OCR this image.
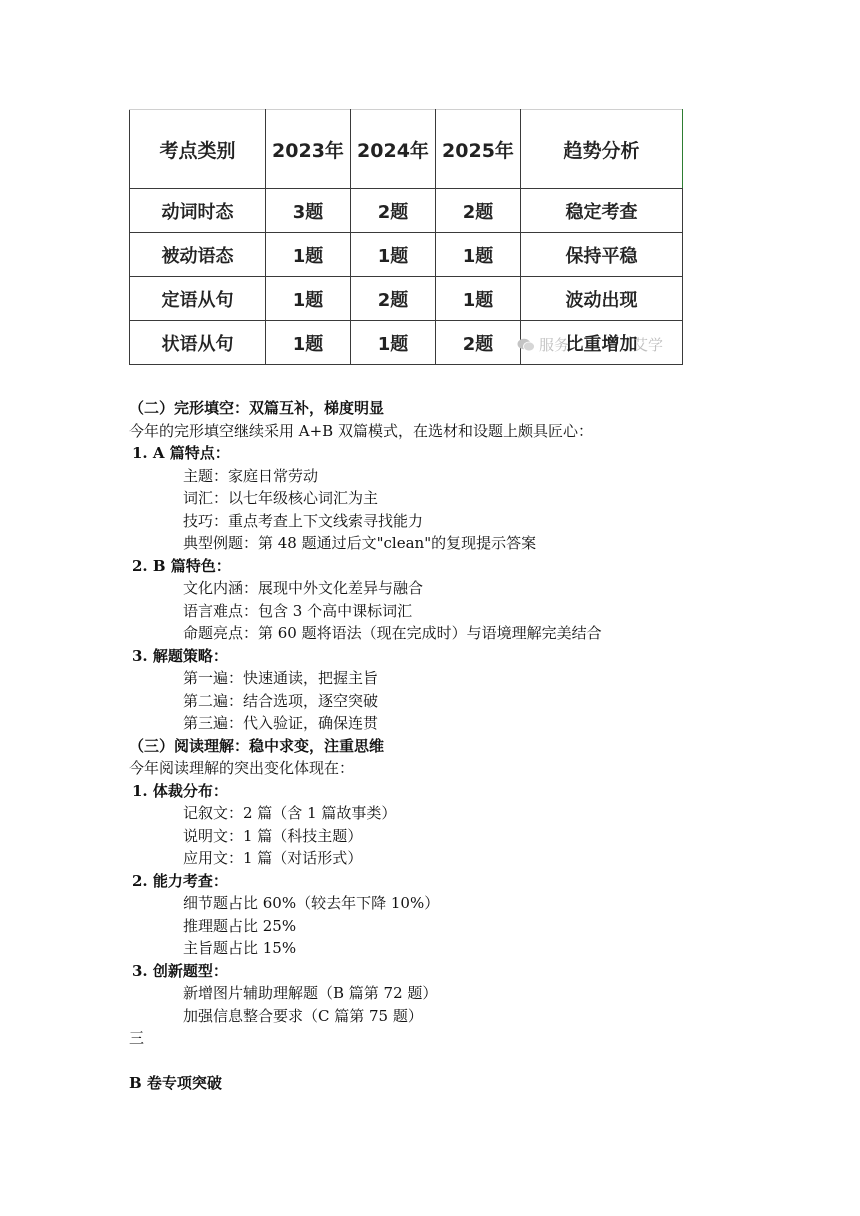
考点类别	2023年	2024年	2025年	趋势分析
动词时态	3题	2题	2题	稳定考查
被动语态	1题	1题	1题	保持平稳
定语从句	1题	2题	1题	波动出现
状语从句	1题	1题	2题	比重增加
服务	艾学
（二）完形填空：双篇互补，梯度明显
今年的完形填空继续采用 A+B 双篇模式，在选材和设题上颇具匠心：
1. A 篇特点：
主题：家庭日常劳动
词汇：以七年级核心词汇为主
技巧：重点考查上下文线索寻找能力
典型例题：第 48 题通过后文"clean"的复现提示答案
2. B 篇特色：
文化内涵：展现中外文化差异与融合
语言难点：包含 3 个高中课标词汇
命题亮点：第 60 题将语法（现在完成时）与语境理解完美结合
3. 解题策略：
第一遍：快速通读，把握主旨
第二遍：结合选项，逐空突破
第三遍：代入验证，确保连贯
（三）阅读理解：稳中求变，注重思维
今年阅读理解的突出变化体现在：
1. 体裁分布：
记叙文：2 篇（含 1 篇故事类）
说明文：1 篇（科技主题）
应用文：1 篇（对话形式）
2. 能力考查：
细节题占比 60%（较去年下降 10%）
推理题占比 25%
主旨题占比 15%
3. 创新题型：
新增图片辅助理解题（B 篇第 72 题）
加强信息整合要求（C 篇第 75 题）
三
B 卷专项突破
